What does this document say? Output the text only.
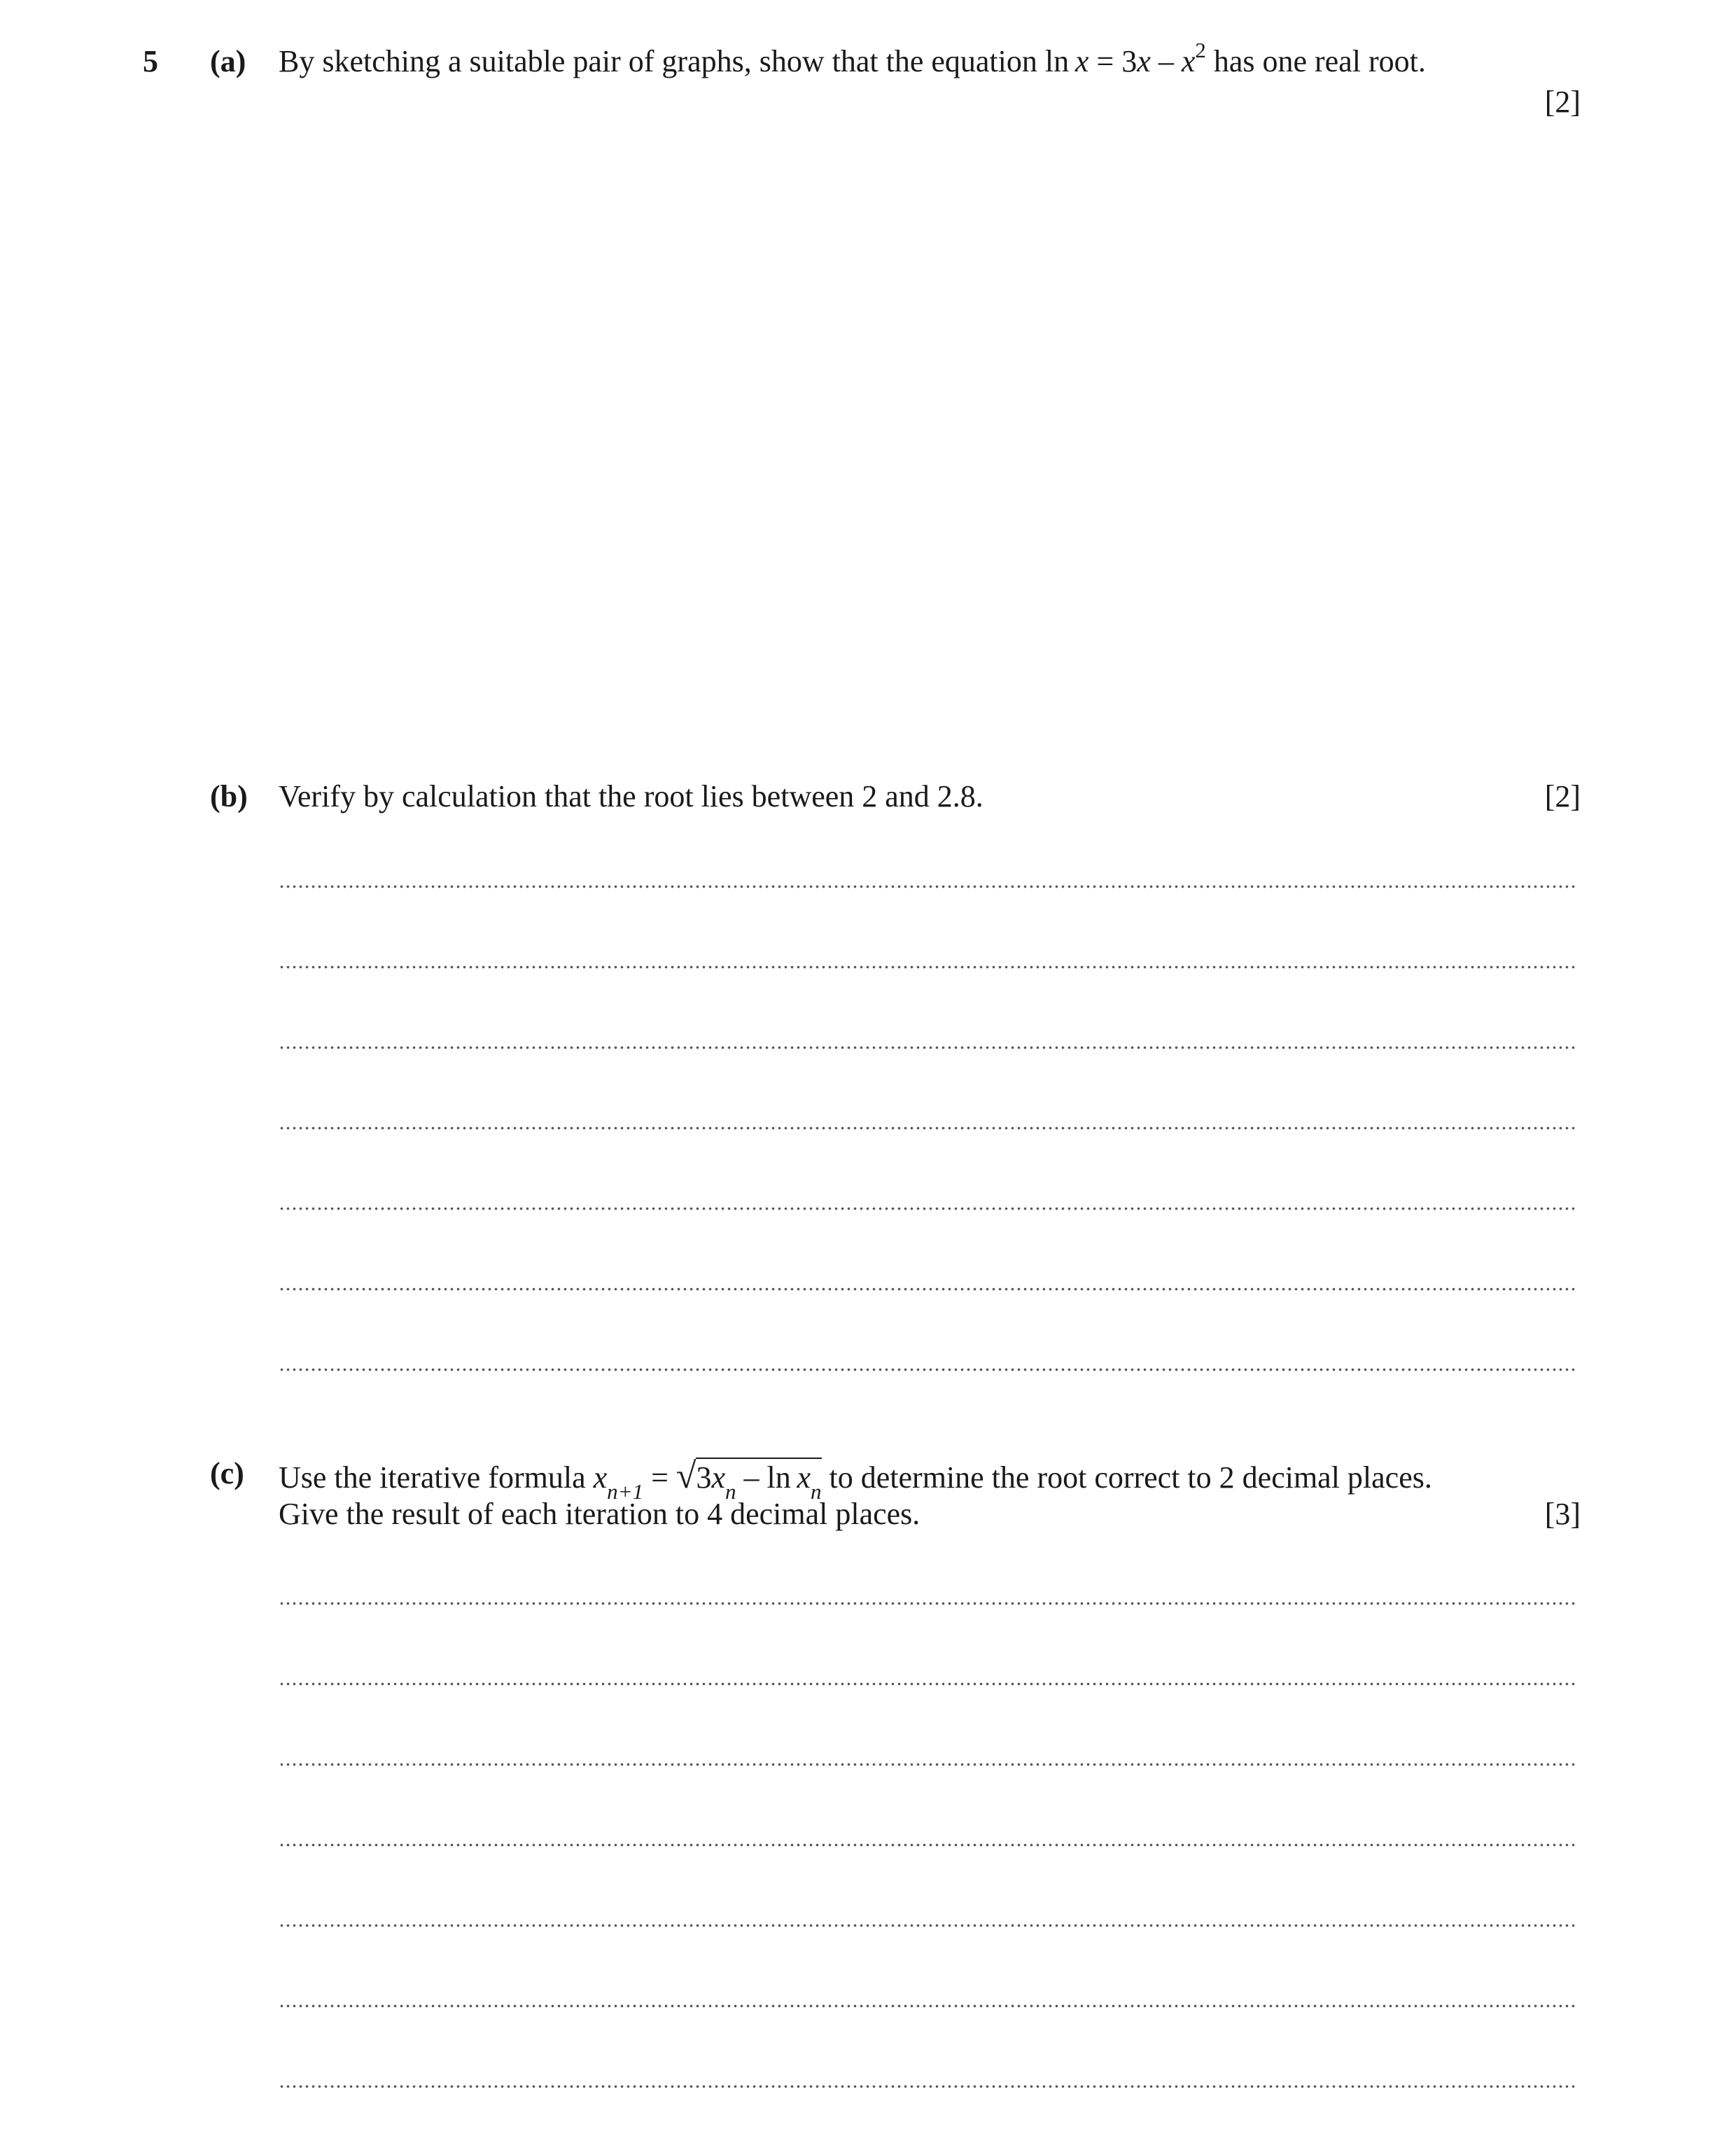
5 (a) By sketching a suitable pair of graphs, show that the equation $\ln x = 3x - x^2$ has one real root.
[2]
(b) Verify by calculation that the root lies between 2 and 2.8.	[2]
(c) Use the iterative formula $x_{n+1} = √3x_n - \ln x_n$ to determine the root correct to 2 decimal places.
Give the result of each iteration to 4 decimal places.	[3]
